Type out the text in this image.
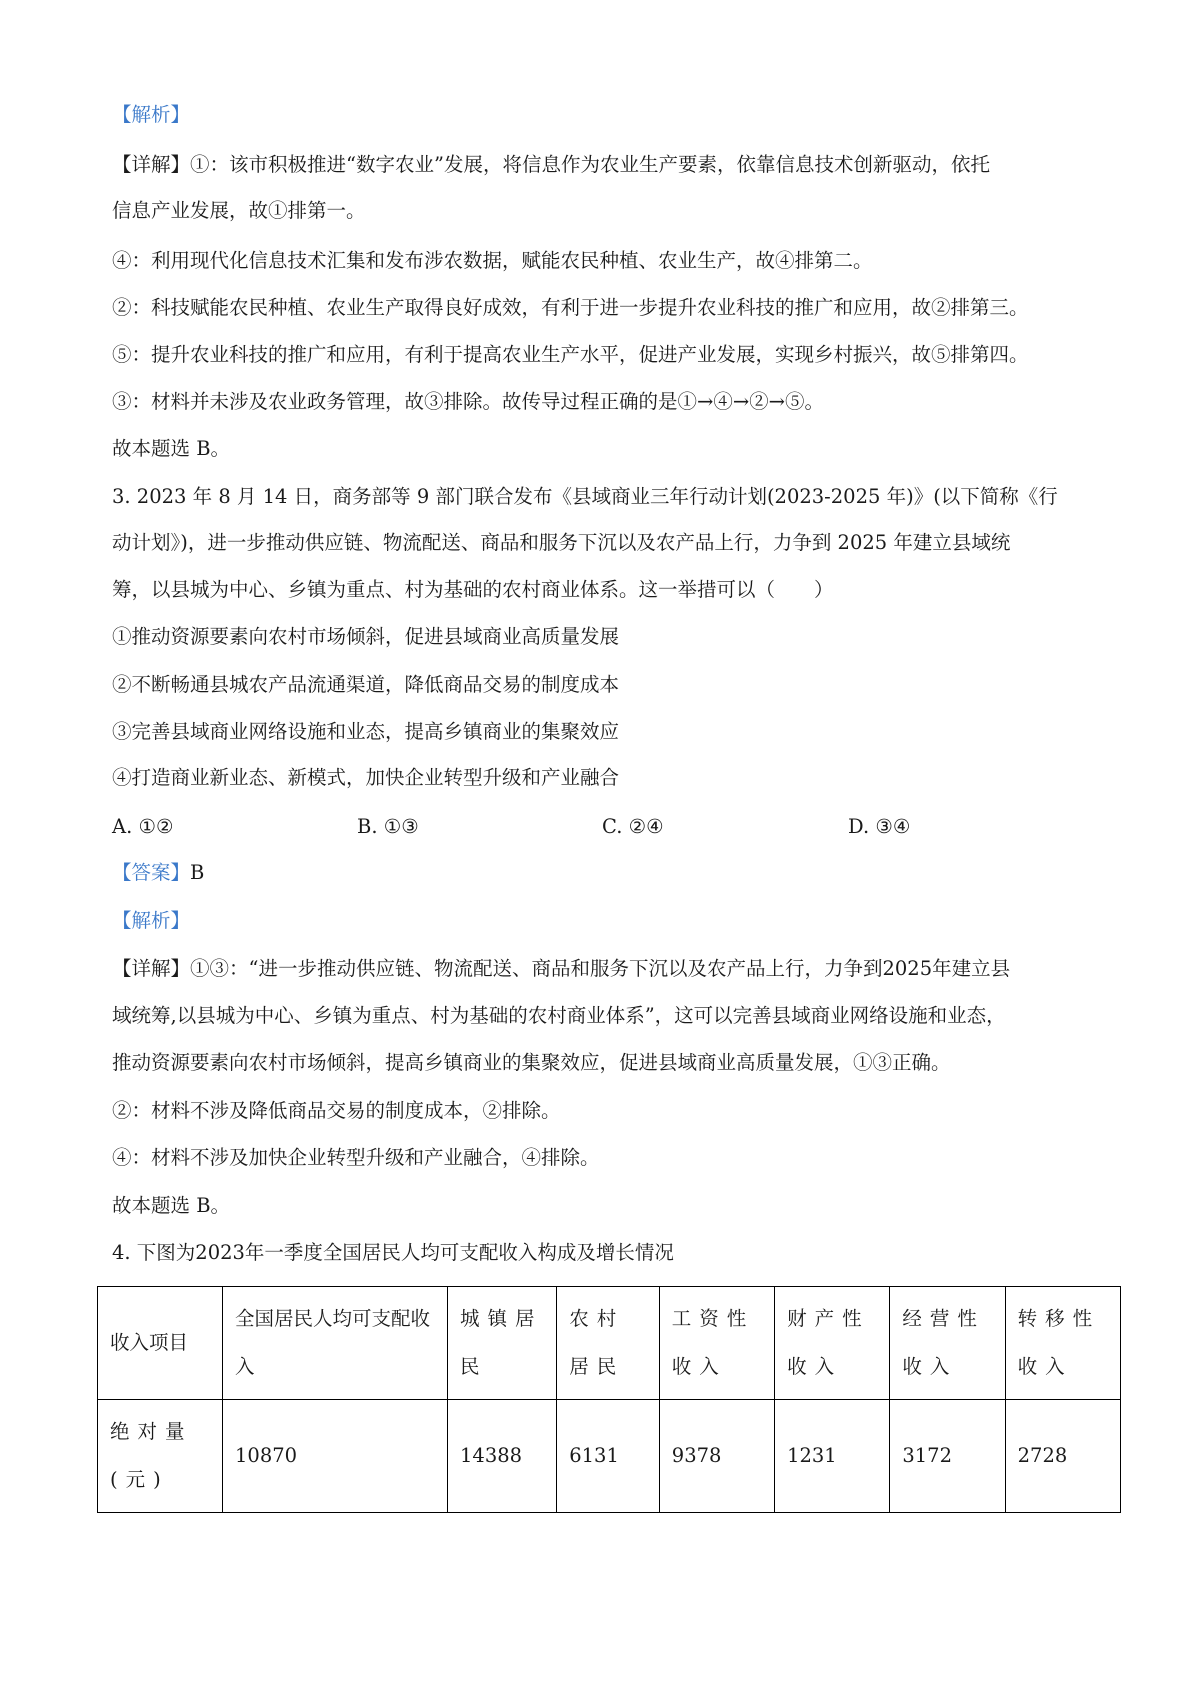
【解析】
【详解】①：该市积极推进“数字农业”发展，将信息作为农业生产要素，依靠信息技术创新驱动，依托
信息产业发展，故①排第一。
④：利用现代化信息技术汇集和发布涉农数据，赋能农民种植、农业生产，故④排第二。
②：科技赋能农民种植、农业生产取得良好成效，有利于进一步提升农业科技的推广和应用，故②排第三。
⑤：提升农业科技的推广和应用，有利于提高农业生产水平，促进产业发展，实现乡村振兴，故⑤排第四。
③：材料并未涉及农业政务管理，故③排除。故传导过程正确的是①→④→②→⑤。
故本题选 B。
3. 2023 年 8 月 14 日，商务部等 9 部门联合发布《县域商业三年行动计划(2023-2025 年)》(以下简称《行
动计划》)，进一步推动供应链、物流配送、商品和服务下沉以及农产品上行，力争到 2025 年建立县域统
筹，以县城为中心、乡镇为重点、村为基础的农村商业体系。这一举措可以（　　）
①推动资源要素向农村市场倾斜，促进县域商业高质量发展
②不断畅通县城农产品流通渠道，降低商品交易的制度成本
③完善县域商业网络设施和业态，提高乡镇商业的集聚效应
④打造商业新业态、新模式，加快企业转型升级和产业融合
A. ①②	B. ①③	C. ②④	D. ③④
【答案】B
【解析】
【详解】①③：“进一步推动供应链、物流配送、商品和服务下沉以及农产品上行，力争到2025年建立县
域统筹,以县城为中心、乡镇为重点、村为基础的农村商业体系”，这可以完善县域商业网络设施和业态，
推动资源要素向农村市场倾斜，提高乡镇商业的集聚效应，促进县域商业高质量发展，①③正确。
②：材料不涉及降低商品交易的制度成本，②排除。
④：材料不涉及加快企业转型升级和产业融合，④排除。
故本题选 B。
4. 下图为2023年一季度全国居民人均可支配收入构成及增长情况
收入项目	全国居民人均可支配收入	城镇居民	农村居民	工资性收入	财产性收入	经营性收入	转移性收入
绝对量(元)	10870	14388	6131	9378	1231	3172	2728
